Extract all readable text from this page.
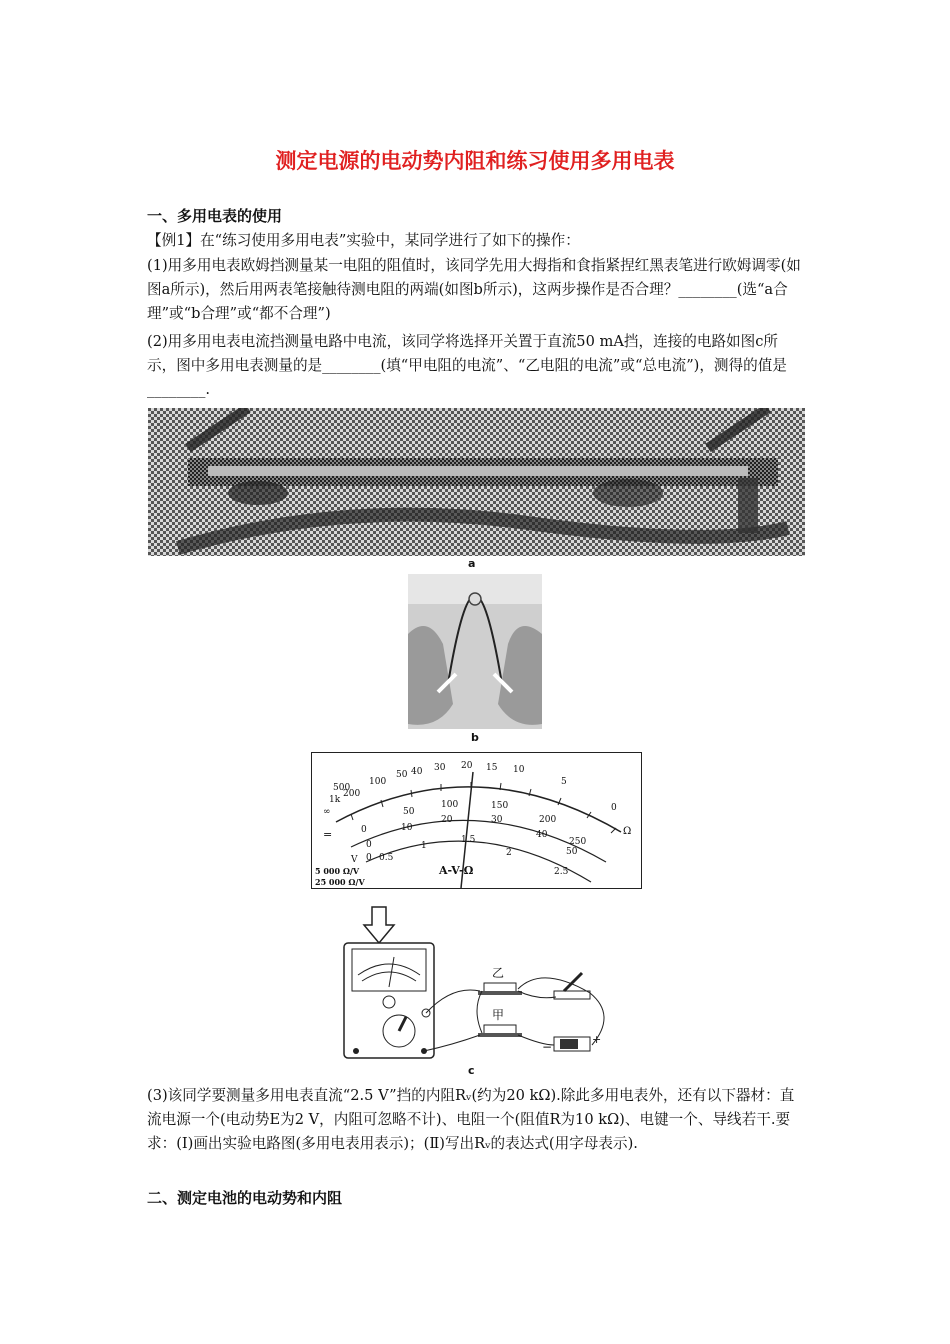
测定电源的电动势内阻和练习使用多用电表
一、多用电表的使用
【例1】在“练习使用多用电表”实验中，某同学进行了如下的操作：
(1)用多用电表欧姆挡测量某一电阻的阻值时，该同学先用大拇指和食指紧捏红黑表笔进行欧姆调零(如图a所示)，然后用两表笔接触待测电阻的两端(如图b所示)，这两步操作是否合理？________(选“a合理”或“b合理”或“都不合理”)
(2)用多用电表电流挡测量电路中电流，该同学将选择开关置于直流50 mA挡，连接的电路如图c所示，图中多用电表测量的是________(填“甲电阻的电流”、“乙电阻的电流”或“总电流”)，测得的值是________.
a
b
∞
1k
500
200
100
50 40 30 20 15 10
5
0
0
50
100	150
200
250
0
10
20	30
40
50
0 0.5
1
1.5
2
2.5
=
V
Ω
5 000 Ω/V
25 000 Ω/V
A-V-Ω
乙
甲
−
+
c
(3)该同学要测量多用电表直流“2.5 V”挡的内阻Rᵥ(约为20 kΩ).除此多用电表外，还有以下器材：直流电源一个(电动势E为2 V，内阻可忽略不计)、电阻一个(阻值R为10 kΩ)、电键一个、导线若干.要求：(Ⅰ)画出实验电路图(多用电表用表示)；(Ⅱ)写出Rᵥ的表达式(用字母表示).
二、测定电池的电动势和内阻
